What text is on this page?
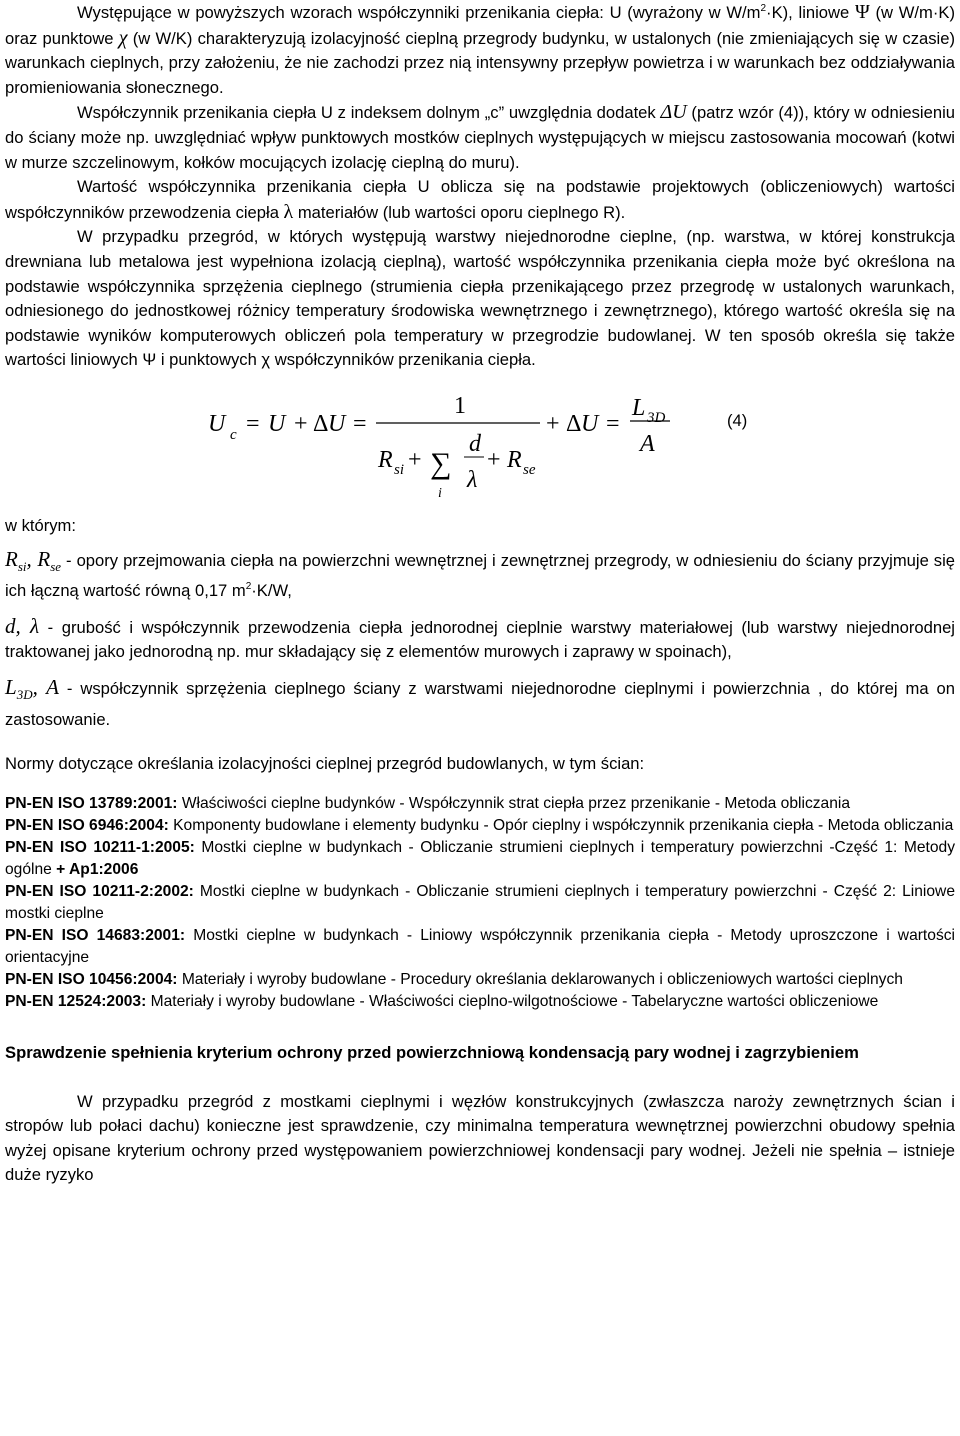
Występujące w powyższych wzorach współczynniki przenikania ciepła: U (wyrażony w $W/m^2\cdot K$), liniowe Ψ (w W/m·K) oraz punktowe χ (w W/K) charakteryzują izolacyjność cieplną przegrody budynku, w ustalonych (nie zmieniających się w czasie) warunkach cieplnych, przy założeniu, że nie zachodzi przez nią intensywny przepływ powietrza i w warunkach bez oddziaływania promieniowania słonecznego.

Współczynnik przenikania ciepła U z indeksem dolnym „c” uwzględnia dodatek ΔU (patrz wzór (4)), który w odniesieniu do ściany może np. uwzględniać wpływ punktowych mostków cieplnych występujących w miejscu zastosowania mocowań (kotwi w murze szczelinowym, kołków mocujących izolację cieplną do muru).

Wartość współczynnika przenikania ciepła U oblicza się na podstawie projektowych (obliczeniowych) wartości współczynników przewodzenia ciepła λ materiałów (lub wartości oporu cieplnego R).

W przypadku przegród, w których występują warstwy niejednorodne cieplne, (np. warstwa, w której konstrukcja drewniana lub metalowa jest wypełniona izolacją cieplną), wartość współczynnika przenikania ciepła może być określona na podstawie współczynnika sprzężenia cieplnego (strumienia ciepła przenikającego przez przegrodę w ustalonych warunkach, odniesionego do jednostkowej różnicy temperatury środowiska wewnętrznego i zewnętrznego), którego wartość określa się na podstawie wyników komputerowych obliczeń pola temperatury w przegrodzie budowlanej. W ten sposób określa się także wartości liniowych Ψ i punktowych χ współczynników przenikania ciepła.

U c = U + Δ U =
1
R si + ∑
i
d
λ
+ R se
+ Δ U =
L 3D
A
(4)

w którym:

$R_{si}$, $R_{se}$ - opory przejmowania ciepła na powierzchni wewnętrznej i zewnętrznej przegrody, w odniesieniu do ściany przyjmuje się ich łączną wartość równą 0,17 $m^2\cdot K/W$,

d, λ - grubość i współczynnik przewodzenia ciepła jednorodnej cieplnie warstwy materiałowej (lub warstwy niejednorodnej traktowanej jako jednorodną np. mur składający się z elementów murowych i zaprawy w spoinach),

$L_{3D}$, A - współczynnik sprzężenia cieplnego ściany z warstwami niejednorodne cieplnymi i powierzchnia , do której ma on zastosowanie.

Normy dotyczące określania izolacyjności cieplnej przegród budowlanych, w tym ścian:

PN-EN ISO 13789:2001: Właściwości cieplne budynków - Współczynnik strat ciepła przez przenikanie - Metoda obliczania

PN-EN ISO 6946:2004: Komponenty budowlane i elementy budynku - Opór cieplny i współczynnik przenikania ciepła - Metoda obliczania

PN-EN ISO 10211-1:2005: Mostki cieplne w budynkach - Obliczanie strumieni cieplnych i temperatury powierzchni -Część 1: Metody ogólne + Ap1:2006

PN-EN ISO 10211-2:2002: Mostki cieplne w budynkach - Obliczanie strumieni cieplnych i temperatury powierzchni - Część 2: Liniowe mostki cieplne

PN-EN ISO 14683:2001: Mostki cieplne w budynkach - Liniowy współczynnik przenikania ciepła - Metody uproszczone i wartości orientacyjne

PN-EN ISO 10456:2004: Materiały i wyroby budowlane - Procedury określania deklarowanych i obliczeniowych wartości cieplnych

PN-EN 12524:2003: Materiały i wyroby budowlane - Właściwości cieplno-wilgotnościowe - Tabelaryczne wartości obliczeniowe

Sprawdzenie spełnienia kryterium ochrony przed powierzchniową kondensacją pary wodnej i zagrzybieniem

W przypadku przegród z mostkami cieplnymi i węzłów konstrukcyjnych (zwłaszcza naroży zewnętrznych ścian i stropów lub połaci dachu) konieczne jest sprawdzenie, czy minimalna temperatura wewnętrznej powierzchni obudowy spełnia wyżej opisane kryterium ochrony przed występowaniem powierzchniowej kondensacji pary wodnej. Jeżeli nie spełnia – istnieje duże ryzyko
